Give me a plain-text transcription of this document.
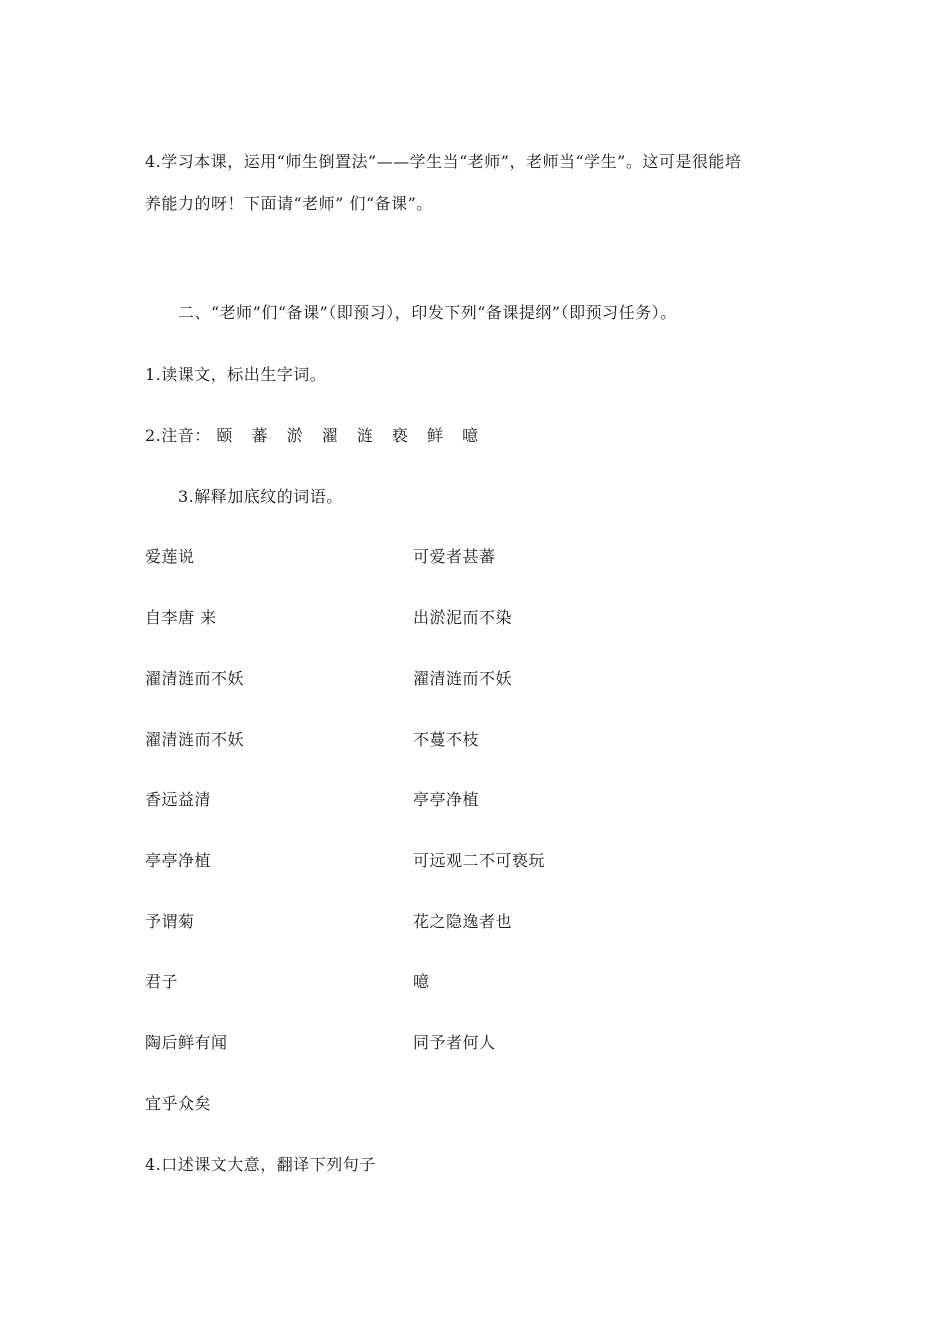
4.学习本课，运用“师生倒置法”——学生当“老师”，老师当“学生”。这可是很能培
养能力的呀！下面请“老师” 们“备课”。
二、“老师”们“备课”（即预习），印发下列“备课提纲”（即预习任务）。
1.读课文，标出生字词。
2.注音： 颐 蕃 淤 濯 涟 亵 鲜 噫
3.解释加底纹的词语。
爱莲说	可爱者甚蕃
自李唐 来	出淤泥而不染
濯清涟而不妖	濯清涟而不妖
濯清涟而不妖	不蔓不枝
香远益清	亭亭净植
亭亭净植	可远观二不可亵玩
予谓菊	花之隐逸者也
君子	噫
陶后鲜有闻	同予者何人
宜乎众矣
4.口述课文大意，翻译下列句子
